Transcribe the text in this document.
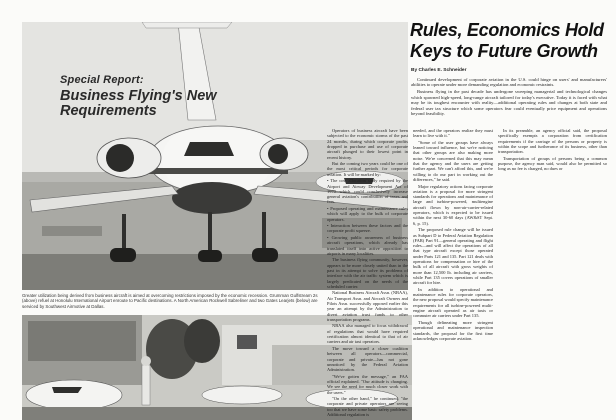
Special Report:
Business Flying's New Requirements
Greater utilization being derived from business aircraft is aimed at overcoming restrictions imposed by the economic recession. Grumman Gulfstream 2s (above) refuel at Honolulu International Airport enroute to Pacific destinations. A North American Rockwell Sabreliner and two Gates Learjets (below) are serviced by Southwest Airmotive at Dallas.
Rules, Economics Hold Keys to Future Growth
By Charles E. Schneider

Continued development of corporate aviation in the U.S. could hinge on users' and manufacturers' abilities to operate under more demanding regulation and economic restraints.

Business flying in the past decade has undergone sweeping managerial and technological changes which spawned high-speed, long-range aircraft tailored for today's executive. Today it is faced with what may be its toughest encounter with reality—additional operating rules and changes at both state and federal user tax structure which some operators fear could eventually price equipment and operations beyond feasibility.

Operators of business aircraft have been subjected to the economic storms of the past 24 months, during which corporate profits dropped in purchase and use of corporate aircraft plunged to their lowest point in recent history.

But the coming two years could be one of the most critical periods for corporate aviation. It will be marked by:

• The cost allocation study required by the Airport and Airway Development Act of 1970 which could conclusively increase general aviation's contribution of taxes and fees.

• Proposed operating and maintenance rules which will apply to the bulk of corporate operators.

• Interaction between these factors and the corporate profit squeeze.

• Growing public awareness of business aircraft operations, which already has translated itself into active opposition to airports in many localities.

The business flying community, however, appears to be more closely united than in the past in its attempt to solve its problems of interface with the air traffic system which is largely predicated on the needs of the scheduled carrier.

National Business Aircraft Assn. (NBAA), Air Transport Assn. and Aircraft Owners and Pilots Assn. successfully opposed earlier this year an attempt by the Administration to divert aviation trust funds to other transportation programs.

NBAA also managed to focus withdrawal of regulations that would have required certification almost identical to that of air carriers and air taxi operators.

The move toward a closer coalition between all operators—commercial, corporate and private—has not gone unnoticed by the Federal Aviation Administration.

"We've gotten the message," an FAA official explained. "Our attitude is changing. We see the need for much closer work with the users."

"On the other hand," he continued, "the corporate and private operators are seeing too that we have some basic safety problems. Additional regulation is

needed, and the operators realize they must learn to live with it."

"Some of the user groups have always leaned toward influence, but we're noticing that other groups are also making more noise. We're concerned that this may mean that the agency and the users are getting further apart. We can't afford this, and we're willing to do our part in working out the differences," he said.

Major regulatory actions facing corporate aviation is a proposal for more stringent standards for operations and maintenance of large and turbine-powered, multiengine aircraft flown by non-air-carrier-related operators, which is expected to be issued within the next 30-60 days (AW&ST Sept. 6, p. 15).

The proposed rule change will be issued as Subpart D to Federal Aviation Regulation (FAR) Part 91—general operating and flight rules—and will affect the operations of all that type aircraft except those operated under Parts 121 and 135. Part 121 deals with operations for compensation or hire of the bulk of all aircraft with gross weights of more than 12,500 lb. including air carriers, while Part 135 covers operations of smaller aircraft for hire.

In addition to operational and maintenance rules for corporate operators, the new proposal would specify maintenance requirements for all turbine-powered multi-engine aircraft operated as air taxis or commuter air carriers under Part 135.

Though delineating more stringent operational and maintenance inspection standards, the proposal for the first time acknowledges corporate aviation.

In its preamble, an agency official said, the proposal specifically exempts a corporation from certification requirements if the carriage of the persons or property is within the scope and furtherance of its business, other than transportation.

Transportation of groups of persons being a common purpose, the agency man said, would also be permitted so long as no fee is charged, no dues or
